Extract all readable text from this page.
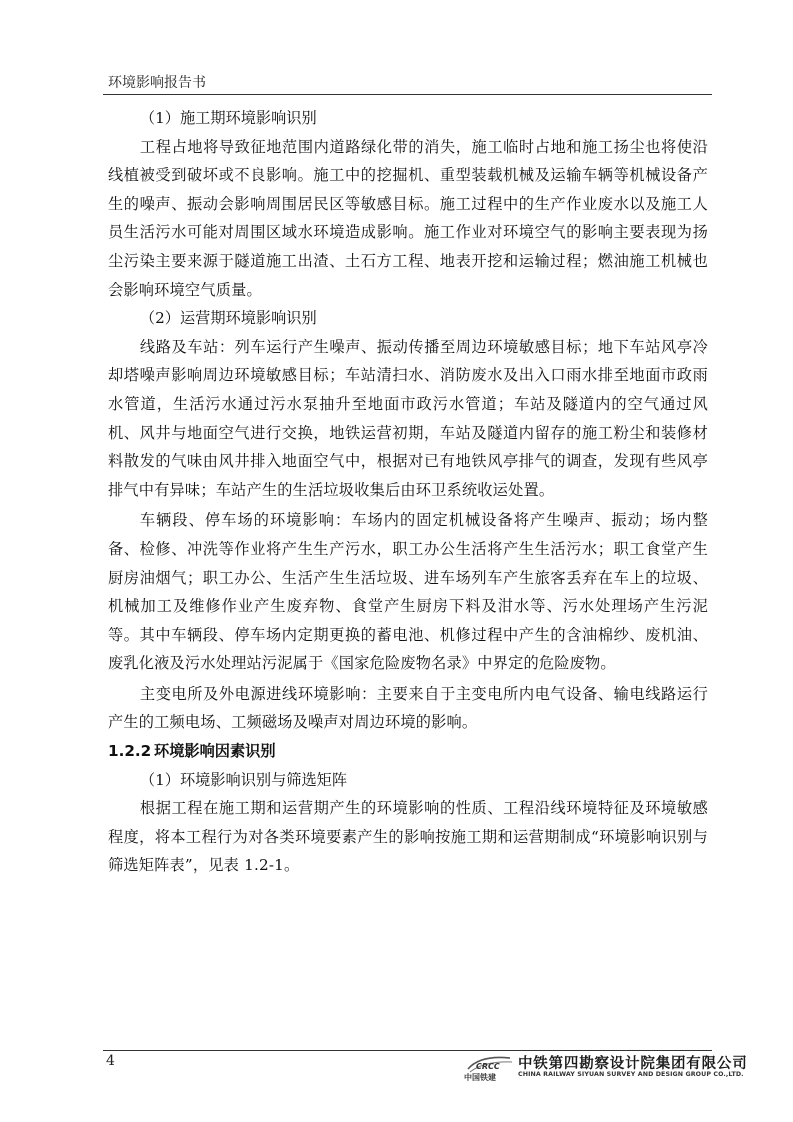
环境影响报告书

（1）施工期环境影响识别

工程占地将导致征地范围内道路绿化带的消失，施工临时占地和施工扬尘也将使沿线植被受到破坏或不良影响。施工中的挖掘机、重型装载机械及运输车辆等机械设备产生的噪声、振动会影响周围居民区等敏感目标。施工过程中的生产作业废水以及施工人员生活污水可能对周围区域水环境造成影响。施工作业对环境空气的影响主要表现为扬尘污染主要来源于隧道施工出渣、土石方工程、地表开挖和运输过程；燃油施工机械也会影响环境空气质量。

（2）运营期环境影响识别

线路及车站：列车运行产生噪声、振动传播至周边环境敏感目标；地下车站风亭冷却塔噪声影响周边环境敏感目标；车站清扫水、消防废水及出入口雨水排至地面市政雨水管道，生活污水通过污水泵抽升至地面市政污水管道；车站及隧道内的空气通过风机、风井与地面空气进行交换，地铁运营初期，车站及隧道内留存的施工粉尘和装修材料散发的气味由风井排入地面空气中，根据对已有地铁风亭排气的调查，发现有些风亭排气中有异味；车站产生的生活垃圾收集后由环卫系统收运处置。

车辆段、停车场的环境影响：车场内的固定机械设备将产生噪声、振动；场内整备、检修、冲洗等作业将产生生产污水，职工办公生活将产生生活污水；职工食堂产生厨房油烟气；职工办公、生活产生生活垃圾、进车场列车产生旅客丢弃在车上的垃圾、机械加工及维修作业产生废弃物、食堂产生厨房下料及泔水等、污水处理场产生污泥等。其中车辆段、停车场内定期更换的蓄电池、机修过程中产生的含油棉纱、废机油、废乳化液及污水处理站污泥属于《国家危险废物名录》中界定的危险废物。

主变电所及外电源进线环境影响：主要来自于主变电所内电气设备、输电线路运行产生的工频电场、工频磁场及噪声对周边环境的影响。

1.2.2 环境影响因素识别

（1）环境影响识别与筛选矩阵

根据工程在施工期和运营期产生的环境影响的性质、工程沿线环境特征及环境敏感程度，将本工程行为对各类环境要素产生的影响按施工期和运营期制成“环境影响识别与筛选矩阵表”，见表 1.2-1。

4	CRCC
中国铁建
中铁第四勘察设计院集团有限公司
CHINA RAILWAY SIYUAN SURVEY AND DESIGN GROUP CO.,LTD.
